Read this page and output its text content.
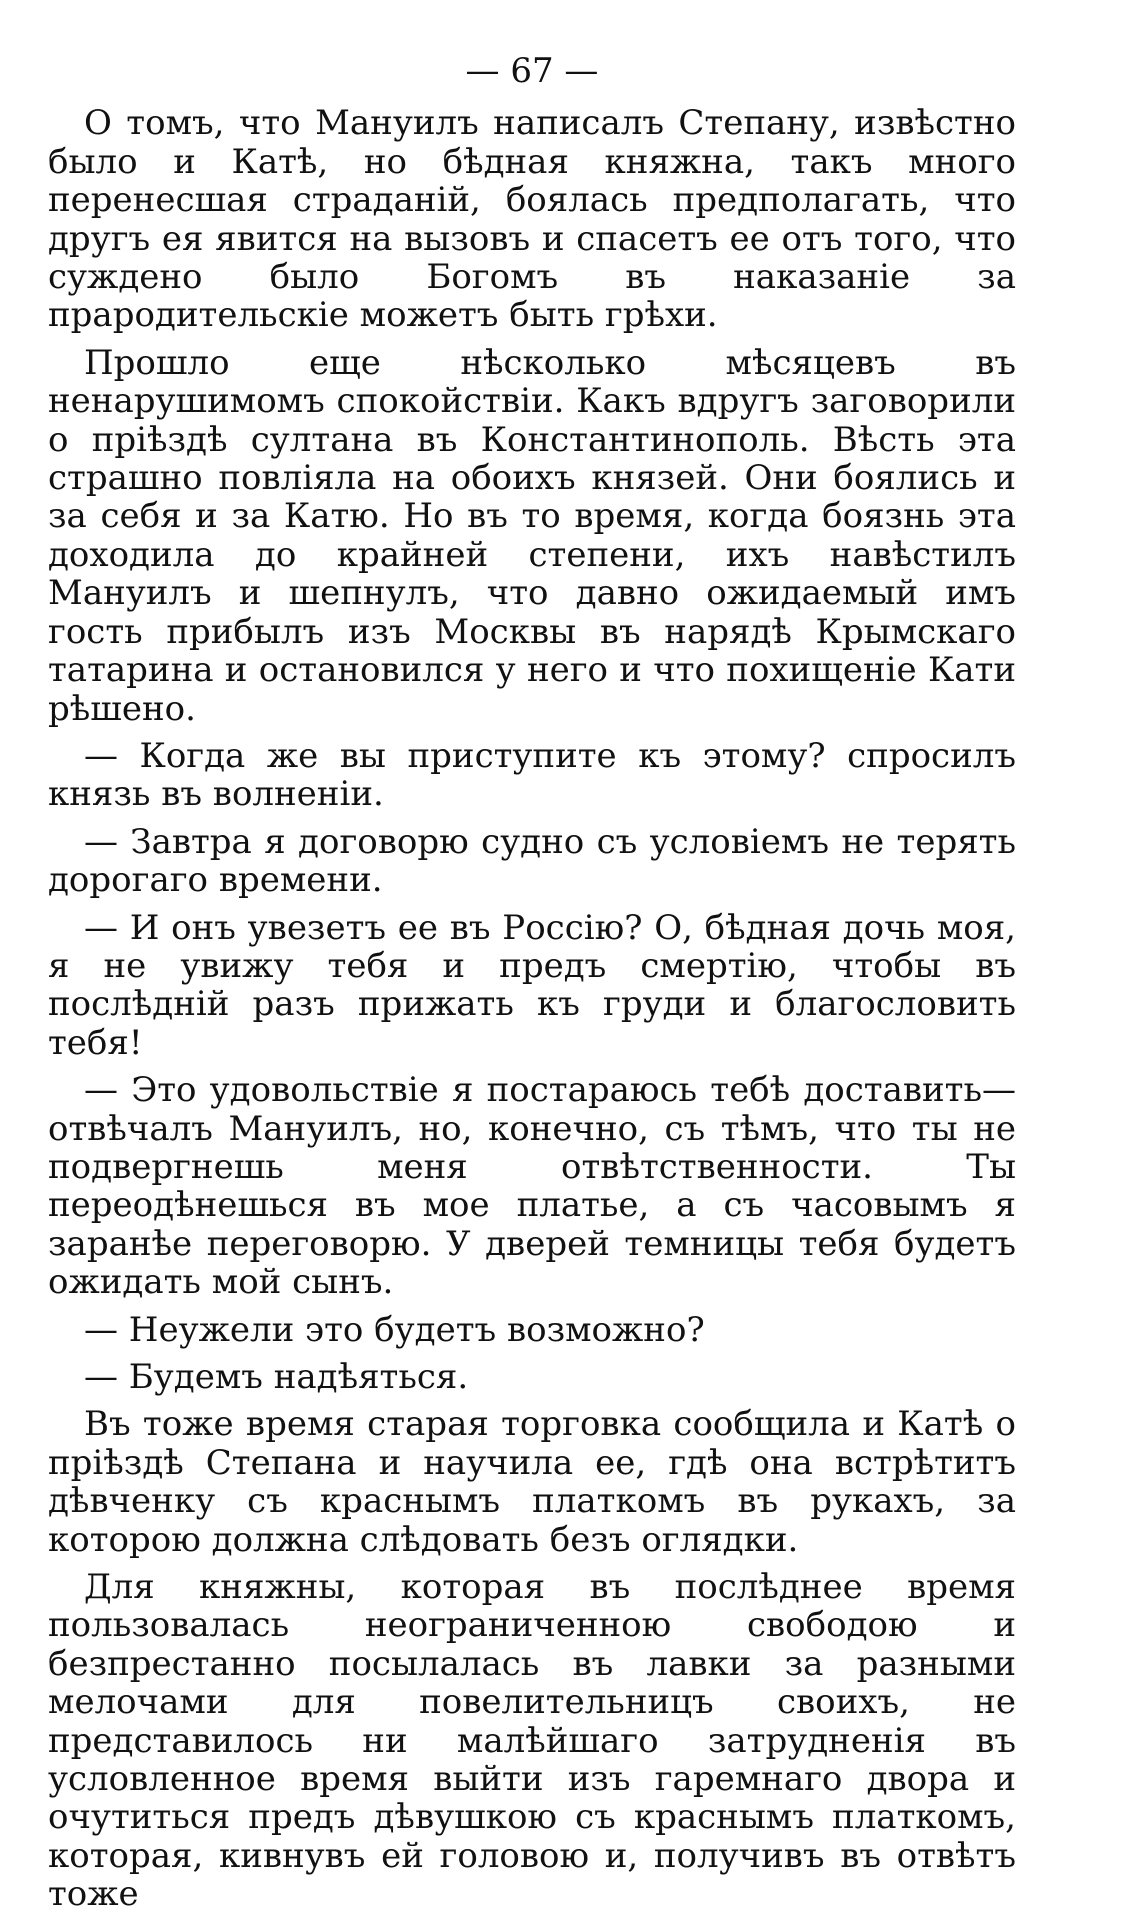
— 67 —

О томъ, что Мануилъ написалъ Степану, извѣстно было и Катѣ, но бѣдная княжна, такъ много перенесшая страданій, боялась предполагать, что другъ ея явится на вызовъ и спасетъ ее отъ того, что суждено было Богомъ въ наказаніе за прародительскіе можетъ быть грѣхи.

Прошло еще нѣсколько мѣсяцевъ въ ненарушимомъ спокойствіи. Какъ вдругъ заговорили о пріѣздѣ султана въ Константинополь. Вѣсть эта страшно повліяла на обоихъ князей. Они боялись и за себя и за Катю. Но въ то время, когда боязнь эта доходила до крайней степени, ихъ навѣстилъ Мануилъ и шепнулъ, что давно ожидаемый имъ гость прибылъ изъ Москвы въ нарядѣ Крымскаго татарина и остановился у него и что похищеніе Кати рѣшено.

— Когда же вы приступите къ этому? спросилъ князь въ волненіи.

— Завтра я договорю судно съ условіемъ не терять дорогаго времени.

— И онъ увезетъ ее въ Россію? О, бѣдная дочь моя, я не увижу тебя и предъ смертію, чтобы въ послѣдній разъ прижать къ груди и благословить тебя!

— Это удовольствіе я постараюсь тебѣ доставить— отвѣчалъ Мануилъ, но, конечно, съ тѣмъ, что ты не подвергнешь меня отвѣтственности. Ты переодѣнешься въ мое платье, а съ часовымъ я заранѣе переговорю. У дверей темницы тебя будетъ ожидать мой сынъ.

— Неужели это будетъ возможно?

— Будемъ надѣяться.

Въ тоже время старая торговка сообщила и Катѣ о пріѣздѣ Степана и научила ее, гдѣ она встрѣтитъ дѣвченку съ краснымъ платкомъ въ рукахъ, за которою должна слѣдовать безъ оглядки.

Для княжны, которая въ послѣднее время пользовалась неограниченною свободою и безпрестанно посылалась въ лавки за разными мелочами для повелительницъ своихъ, не представилось ни малѣйшаго затрудненія въ условленное время выйти изъ гаремнаго двора и очутиться предъ дѣвушкою съ краснымъ платкомъ, которая, кивнувъ ей головою и, получивъ въ отвѣтъ тоже
